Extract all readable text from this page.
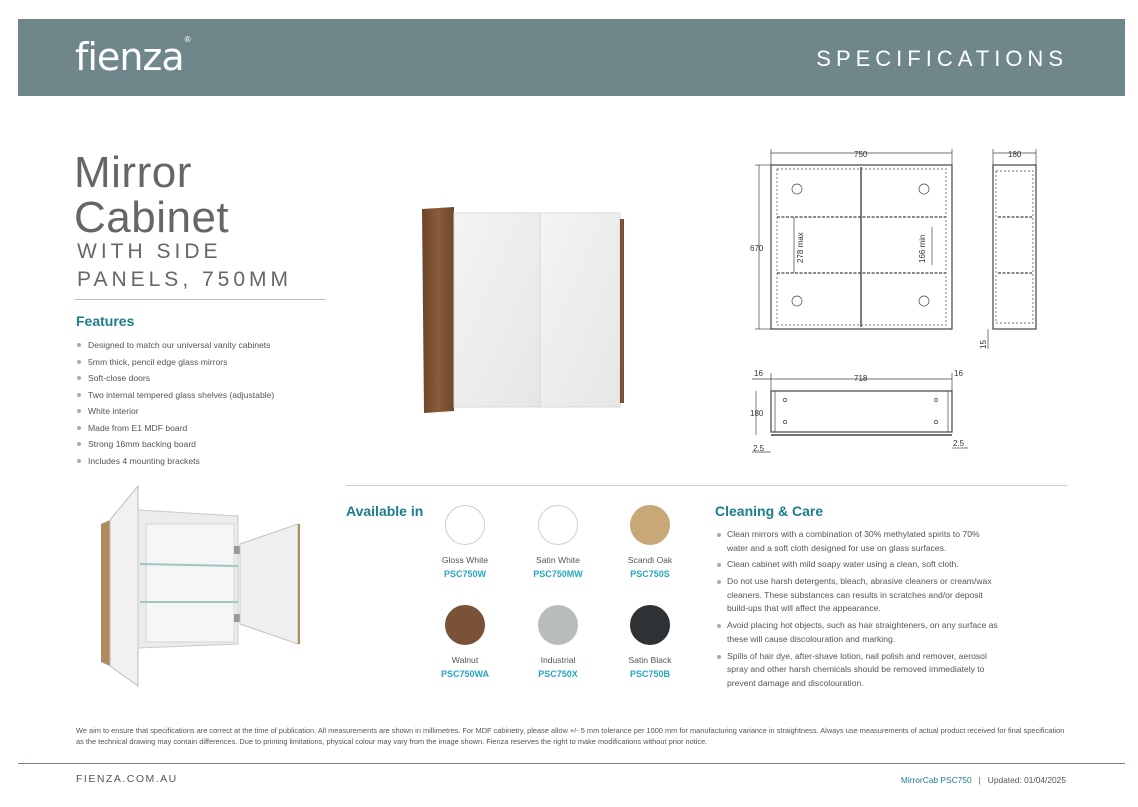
fienza®
SPECIFICATIONS
Mirror
Cabinet
WITH SIDE
PANELS, 750MM
Features
Designed to match our universal vanity cabinets
5mm thick, pencil edge glass mirrors
Soft-close doors
Two internal tempered glass shelves (adjustable)
White interior
Made from E1 MDF board
Strong 16mm backing board
Includes 4 mounting brackets
750
670	278 max	166 min
180
15
16
718
16
180
2.5
2.5
Available in
Gloss White
PSC750W
Satin White
PSC750MW
Scandi Oak
PSC750S
Walnut
PSC750WA
Industrial
PSC750X
Satin Black
PSC750B
Cleaning & Care
Clean mirrors with a combination of 30% methylated spirits to 70% water and a soft cloth designed for use on glass surfaces.
Clean cabinet with mild soapy water using a clean, soft cloth.
Do not use harsh detergents, bleach, abrasive cleaners or cream/wax cleaners. These substances can results in scratches and/or deposit build-ups that will affect the appearance.
Avoid placing hot objects, such as hair straighteners, on any surface as these will cause discolouration and marking.
Spills of hair dye, after-shave lotion, nail polish and remover, aerosol spray and other harsh chemicals should be removed immediately to prevent damage and discolouration.
We aim to ensure that specifications are correct at the time of publication. All measurements are shown in millimetres. For MDF cabinetry, please allow +/- 5 mm tolerance per 1000 mm for manufacturing variance in straightness. Always use measurements of actual product received for final specification as the technical drawing may contain differences. Due to printing limitations, physical colour may vary from the image shown. Fienza reserves the right to make modifications without prior notice.
FIENZA.COM.AU	MirrorCab PSC750 | Updated: 01/04/2025
